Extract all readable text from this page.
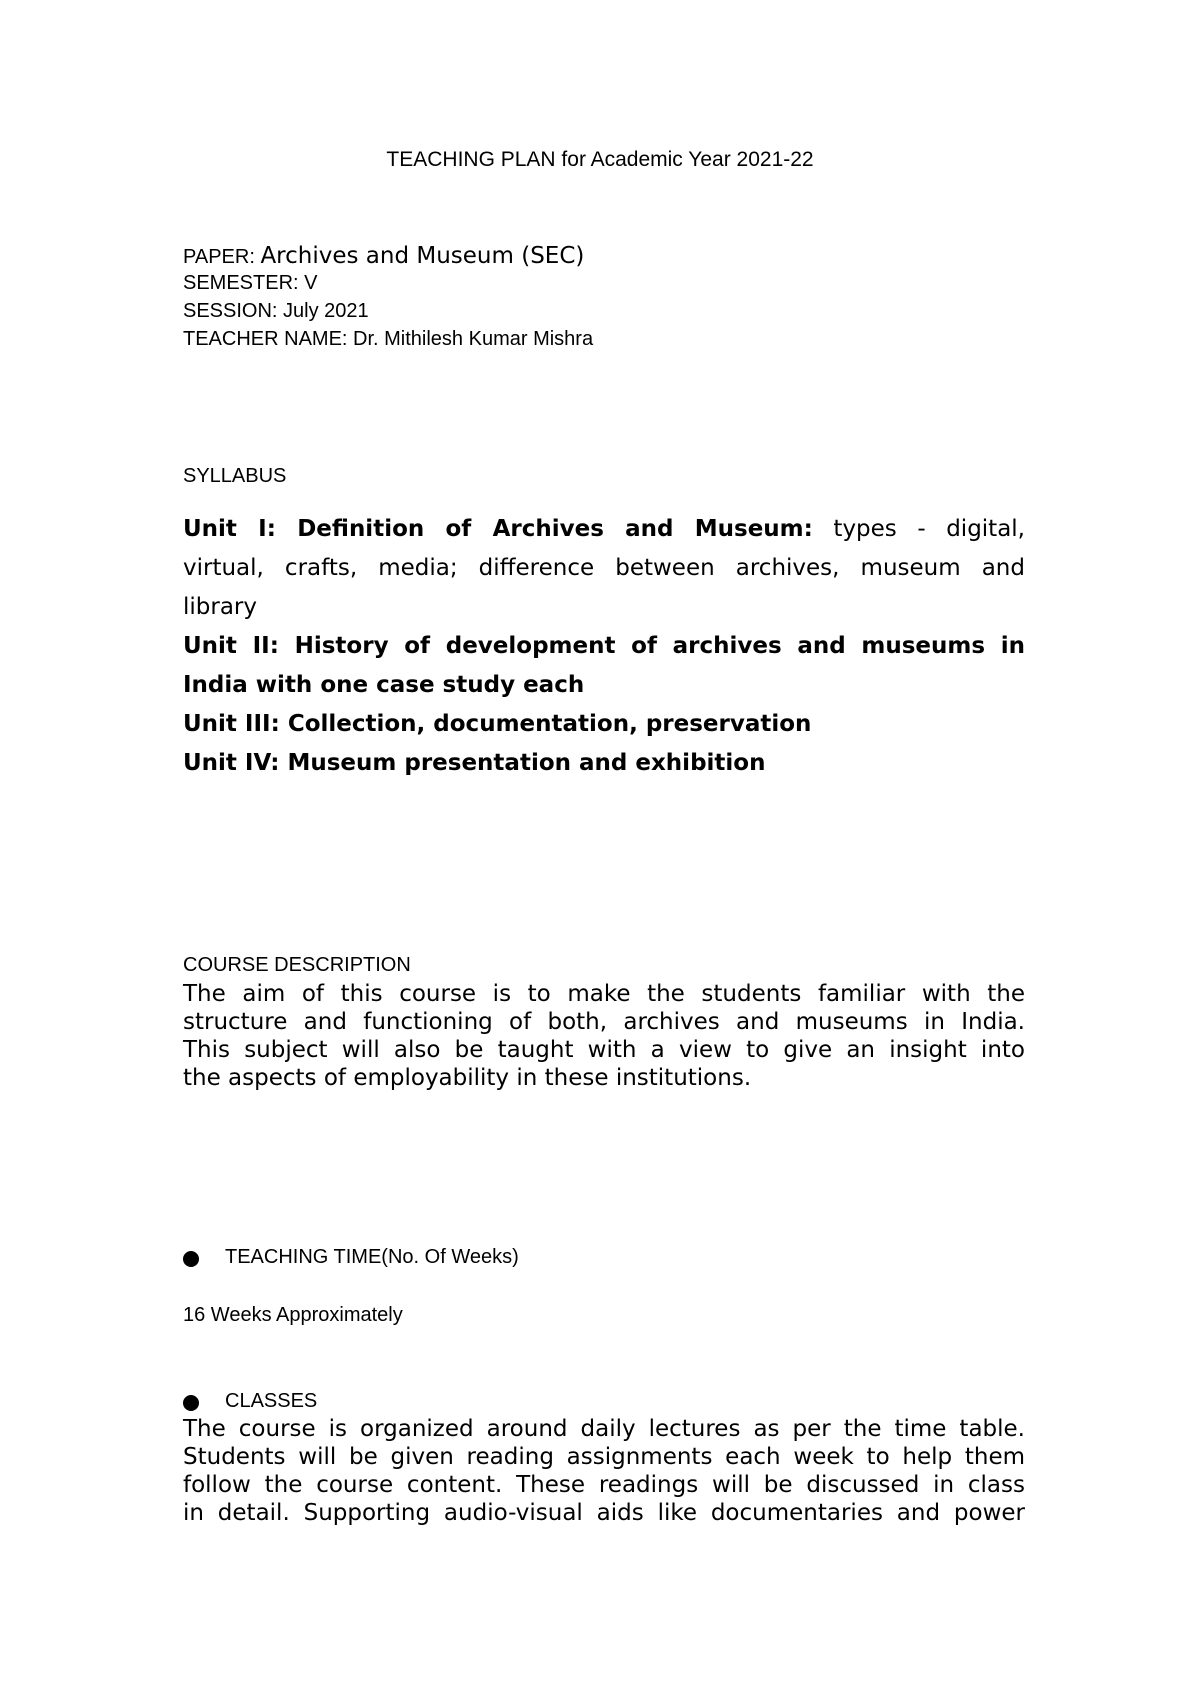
TEACHING PLAN for Academic Year 2021-22
PAPER: Archives and Museum (SEC)
SEMESTER: V
SESSION: July 2021
TEACHER NAME: Dr. Mithilesh Kumar Mishra
SYLLABUS
Unit I: Definition of Archives and Museum: types - digital,
virtual, crafts, media; difference between archives, museum and
library
Unit II: History of development of archives and museums in
India with one case study each
Unit III: Collection, documentation, preservation
Unit IV: Museum presentation and exhibition
COURSE DESCRIPTION
The aim of this course is to make the students familiar with the
structure and functioning of both, archives and museums in India.
This subject will also be taught with a view to give an insight into
the aspects of employability in these institutions.
TEACHING TIME(No. Of Weeks)
16 Weeks Approximately
CLASSES
The course is organized around daily lectures as per the time table.
Students will be given reading assignments each week to help them
follow the course content. These readings will be discussed in class
in detail. Supporting audio-visual aids like documentaries and power
